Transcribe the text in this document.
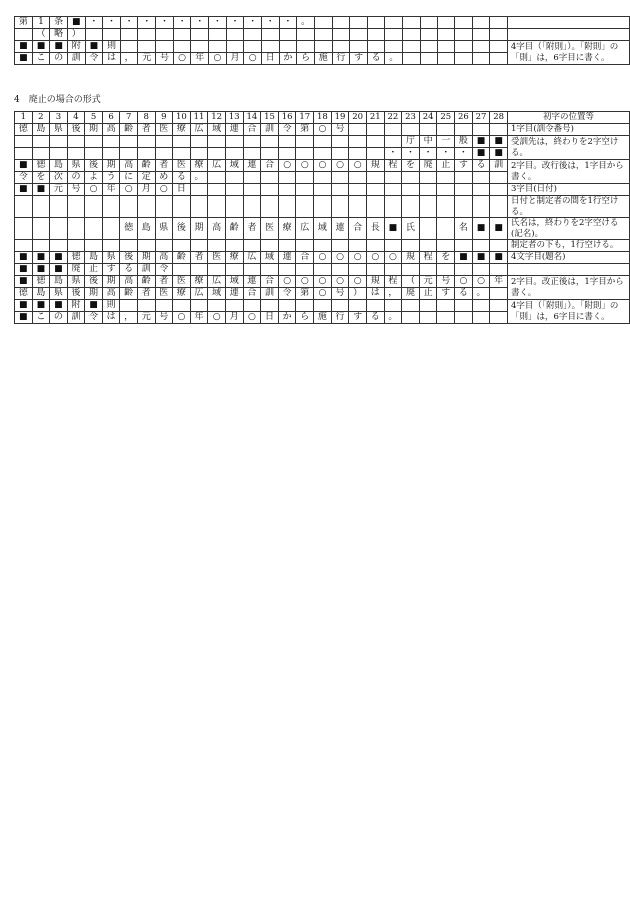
第	1	条	■	・	・	・	・	・	・	・	・	・	・	・	・	。												
	（	略	）																									
■	■	■	附	■	則																							4字目（「附則」）。「附則」の「則」は，6字目に書く。
■	こ	の	訓	令	は	，	元	号	○	年	○	月	○	日	か	ら	施	行	す	る	。							
4　廃止の場合の形式
1	2	3	4	5	6	7	8	9	10	11	12	13	14	15	16	17	18	19	20	21	22	23	24	25	26	27	28	初字の位置等
徳	島	県	後	期	高	齢	者	医	療	広	域	連	合	訓	令	第	○	号										1字目(訓令番号)
																						庁	中	一	般	■	■	受訓先は，終わりを2字空ける。
																					・	・	・	・	・	■	■	
■	徳	島	県	後	期	高	齢	者	医	療	広	域	連	合	○	○	○	○	○	規	程	を	廃	止	す	る	訓	2字目。改行後は，1字目から書く。
令	を	次	の	よ	う	に	定	め	る	。																		
■	■	元	号	○	年	○	月	○	日																			3字目(日付)
																												日付と制定者の間を1行空ける。
						徳	島	県	後	期	高	齢	者	医	療	広	域	連	合	長	■	氏			名	■	■	氏名は，終わりを2字空ける(記名)。
																												制定者の下も，1行空ける。
■	■	■	徳	島	県	後	期	高	齢	者	医	療	広	域	連	合	○	○	○	○	○	規	程	を	■	■	■	4文字目(題名)
■	■	■	廃	止	す	る	訓	令																				
■	徳	島	県	後	期	高	齢	者	医	療	広	域	連	合	○	○	○	○	○	規	程	（	元	号	○	○	年	2字目。改正後は，1字目から書く。
徳	島	県	後	期	高	齢	者	医	療	広	域	連	合	訓	令	第	○	号	）	は	，	廃	止	す	る	。		
■	■	■	附	■	則																							4字目（「附則」）。「附則」の「則」は，6字目に書く。
■	こ	の	訓	令	は	，	元	号	○	年	○	月	○	日	か	ら	施	行	す	る	。							
